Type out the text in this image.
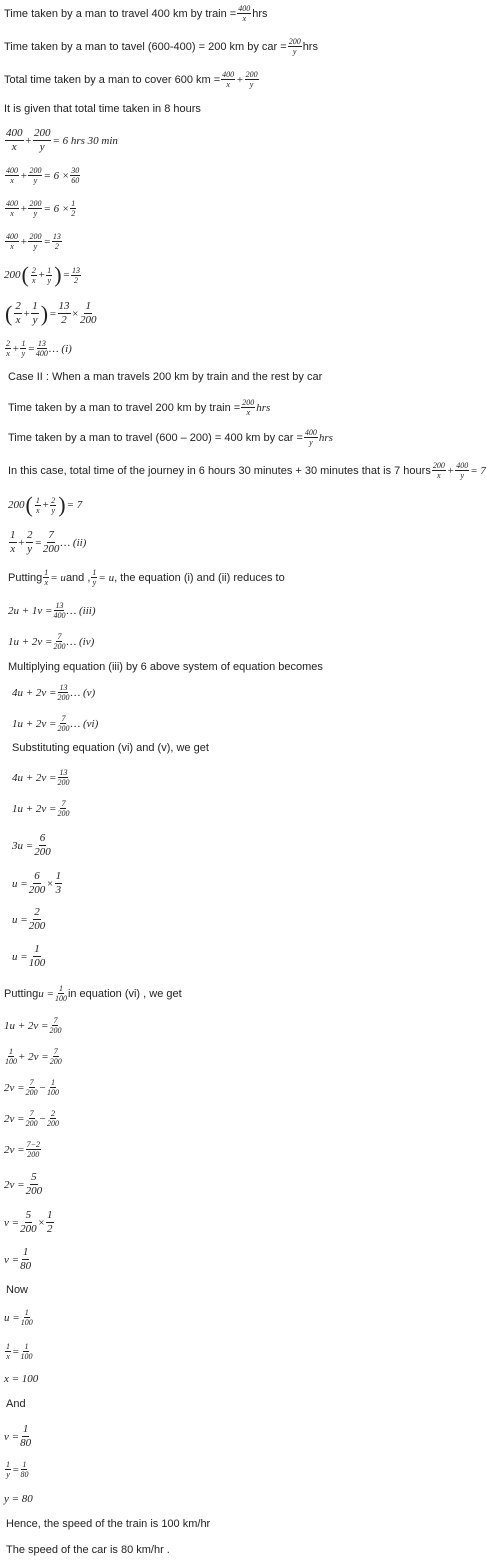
Time taken by a man to travel 400 km by train = $\frac{400}{x}$ hrs
Time taken by a man to tavel (600-400) = 200 km by car = $\frac{200}{y}$ hrs
Total time taken by a man to cover 600 km = $\frac{400}{x} + \frac{200}{y}$
It is given that total time taken in 8 hours
$\frac{400}{x} + \frac{200}{y} = 6$ hrs 30 min
$\frac{400}{x} + \frac{200}{y} = 6 \times \frac{30}{60}$
$\frac{400}{x} + \frac{200}{y} = 6 \times \frac{1}{2}$
$\frac{400}{x} + \frac{200}{y} = \frac{13}{2}$
200 ( $\frac{2}{x} + \frac{1}{y}$ ) = $\frac{13}{2}$
( $\frac{2}{x} + \frac{1}{y}$ ) = $\frac{13}{2} \times \frac{1}{200}$
$\frac{2}{x} + \frac{1}{y} = \frac{13}{400}$ … (i)
Case II : When a man travels 200 km by train and the rest by car
Time taken by a man to travel 200 km by train = $\frac{200}{x}$ hrs
Time taken by a man to travel (600 – 200) = 400 km by car = $\frac{400}{y}$ hrs
In this case, total time of the journey in 6 hours 30 minutes + 30 minutes that is 7 hours $\frac{200}{x} + \frac{400}{y} = 7$
200 ( $\frac{1}{x} + \frac{2}{y}$ ) = 7
$\frac{1}{x} + \frac{2}{y} = \frac{7}{200}$ … (ii)
Putting $\frac{1}{x} = u$ and , $\frac{1}{y} = u$ , the equation (i) and (ii) reduces to
$2u + 1v = \frac{13}{400}$ … (iii)
$1u + 2v = \frac{7}{200}$ … (iv)
Multiplying equation (iii) by 6 above system of equation becomes
$4u + 2v = \frac{13}{200}$ … (v)
$1u + 2v = \frac{7}{200}$ … (vi)
Substituting equation (vi) and (v), we get
$4u + 2v = \frac{13}{200}$
$1u + 2v = \frac{7}{200}$
$3u = \frac{6}{200}$
$u = \frac{6}{200} \times \frac{1}{3}$
$u = \frac{2}{200}$
$u = \frac{1}{100}$
Putting $u = \frac{1}{100}$ in equation (vi) , we get
$1u + 2v = \frac{7}{200}$
$\frac{1}{100} + 2v = \frac{7}{200}$
$2v = \frac{7}{200} - \frac{1}{100}$
$2v = \frac{7}{200} - \frac{2}{200}$
$2v = \frac{7-2}{200}$
$2v = \frac{5}{200}$
$v = \frac{5}{200} \times \frac{1}{2}$
$v = \frac{1}{80}$
Now
$u = \frac{1}{100}$
$\frac{1}{x} = \frac{1}{100}$
x = 100
And
$v = \frac{1}{80}$
$\frac{1}{y} = \frac{1}{80}$
y = 80
Hence, the speed of the train is 100 km/hr
The speed of the car is 80 km/hr .
